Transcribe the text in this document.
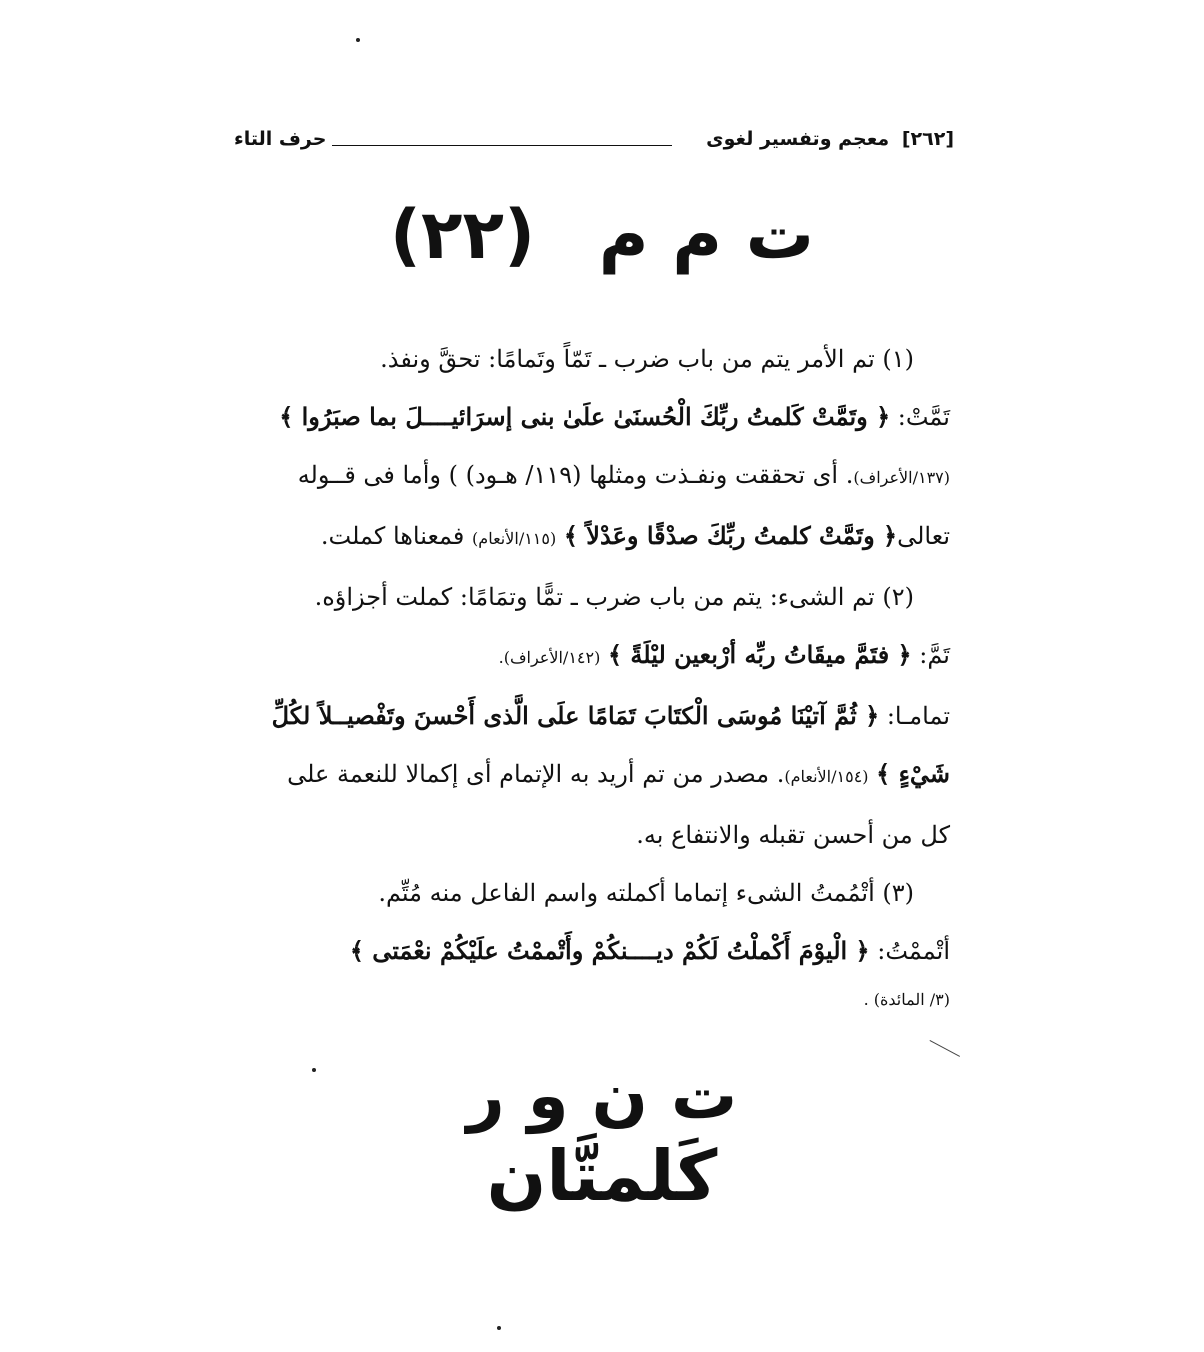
[٢٦٢] معجم وتفسير لغوى
حرف التاء
ت م م (٢٢)

(١) تم الأمر يتم من باب ضرب ـ تَمّاً وتَمامًا: تحقَّ ونفذ.

تَمَّتْ: ﴿ وتَمَّتْ كَلمتُ ربِّكَ الْحُسنَىٰ علَىٰ بنى إسرَائيــــلَ بما صبَرُوا ﴾

(١٣٧/الأعراف). أى تحققت ونفـذت ومثلها (١١٩/ هـود) ) وأما فى قــوله

تعالى﴿ وتَمَّتْ كلمتُ ربِّكَ صدْقًا وعَدْلاً ﴾ (١١٥/الأنعام) فمعناها كملت.

(٢) تم الشىء: يتم من باب ضرب ـ تمًّا وتمَامًا: كملت أجزاؤه.

تَمَّ: ﴿ فتَمَّ ميقَاتُ ربِّه أرْبعين ليْلَةً ﴾ (١٤٢/الأعراف).

تمامـا: ﴿ ثُمَّ آتيْنَا مُوسَى الْكتَابَ تَمَامًا علَى الَّذى أَحْسنَ وتَفْصيــلاً لكُلِّ

شَيْءٍ ﴾ (١٥٤/الأنعام). مصدر من تم أريد به الإتمام أى إكمالا للنعمة على

كل من أحسن تقبله والانتفاع به.

(٣) أتْمُمتُ الشىء إتماما أكملته واسم الفاعل منه مُتِّم.

أتْممْتُ: ﴿ الْيوْمَ أَكْملْتُ لَكُمْ ديــــنكُمْ وأَتْممْتُ علَيْكُمْ نعْمَتى ﴾

(٣/ المائدة) .

ت ن و ر
كَلمتَّان
